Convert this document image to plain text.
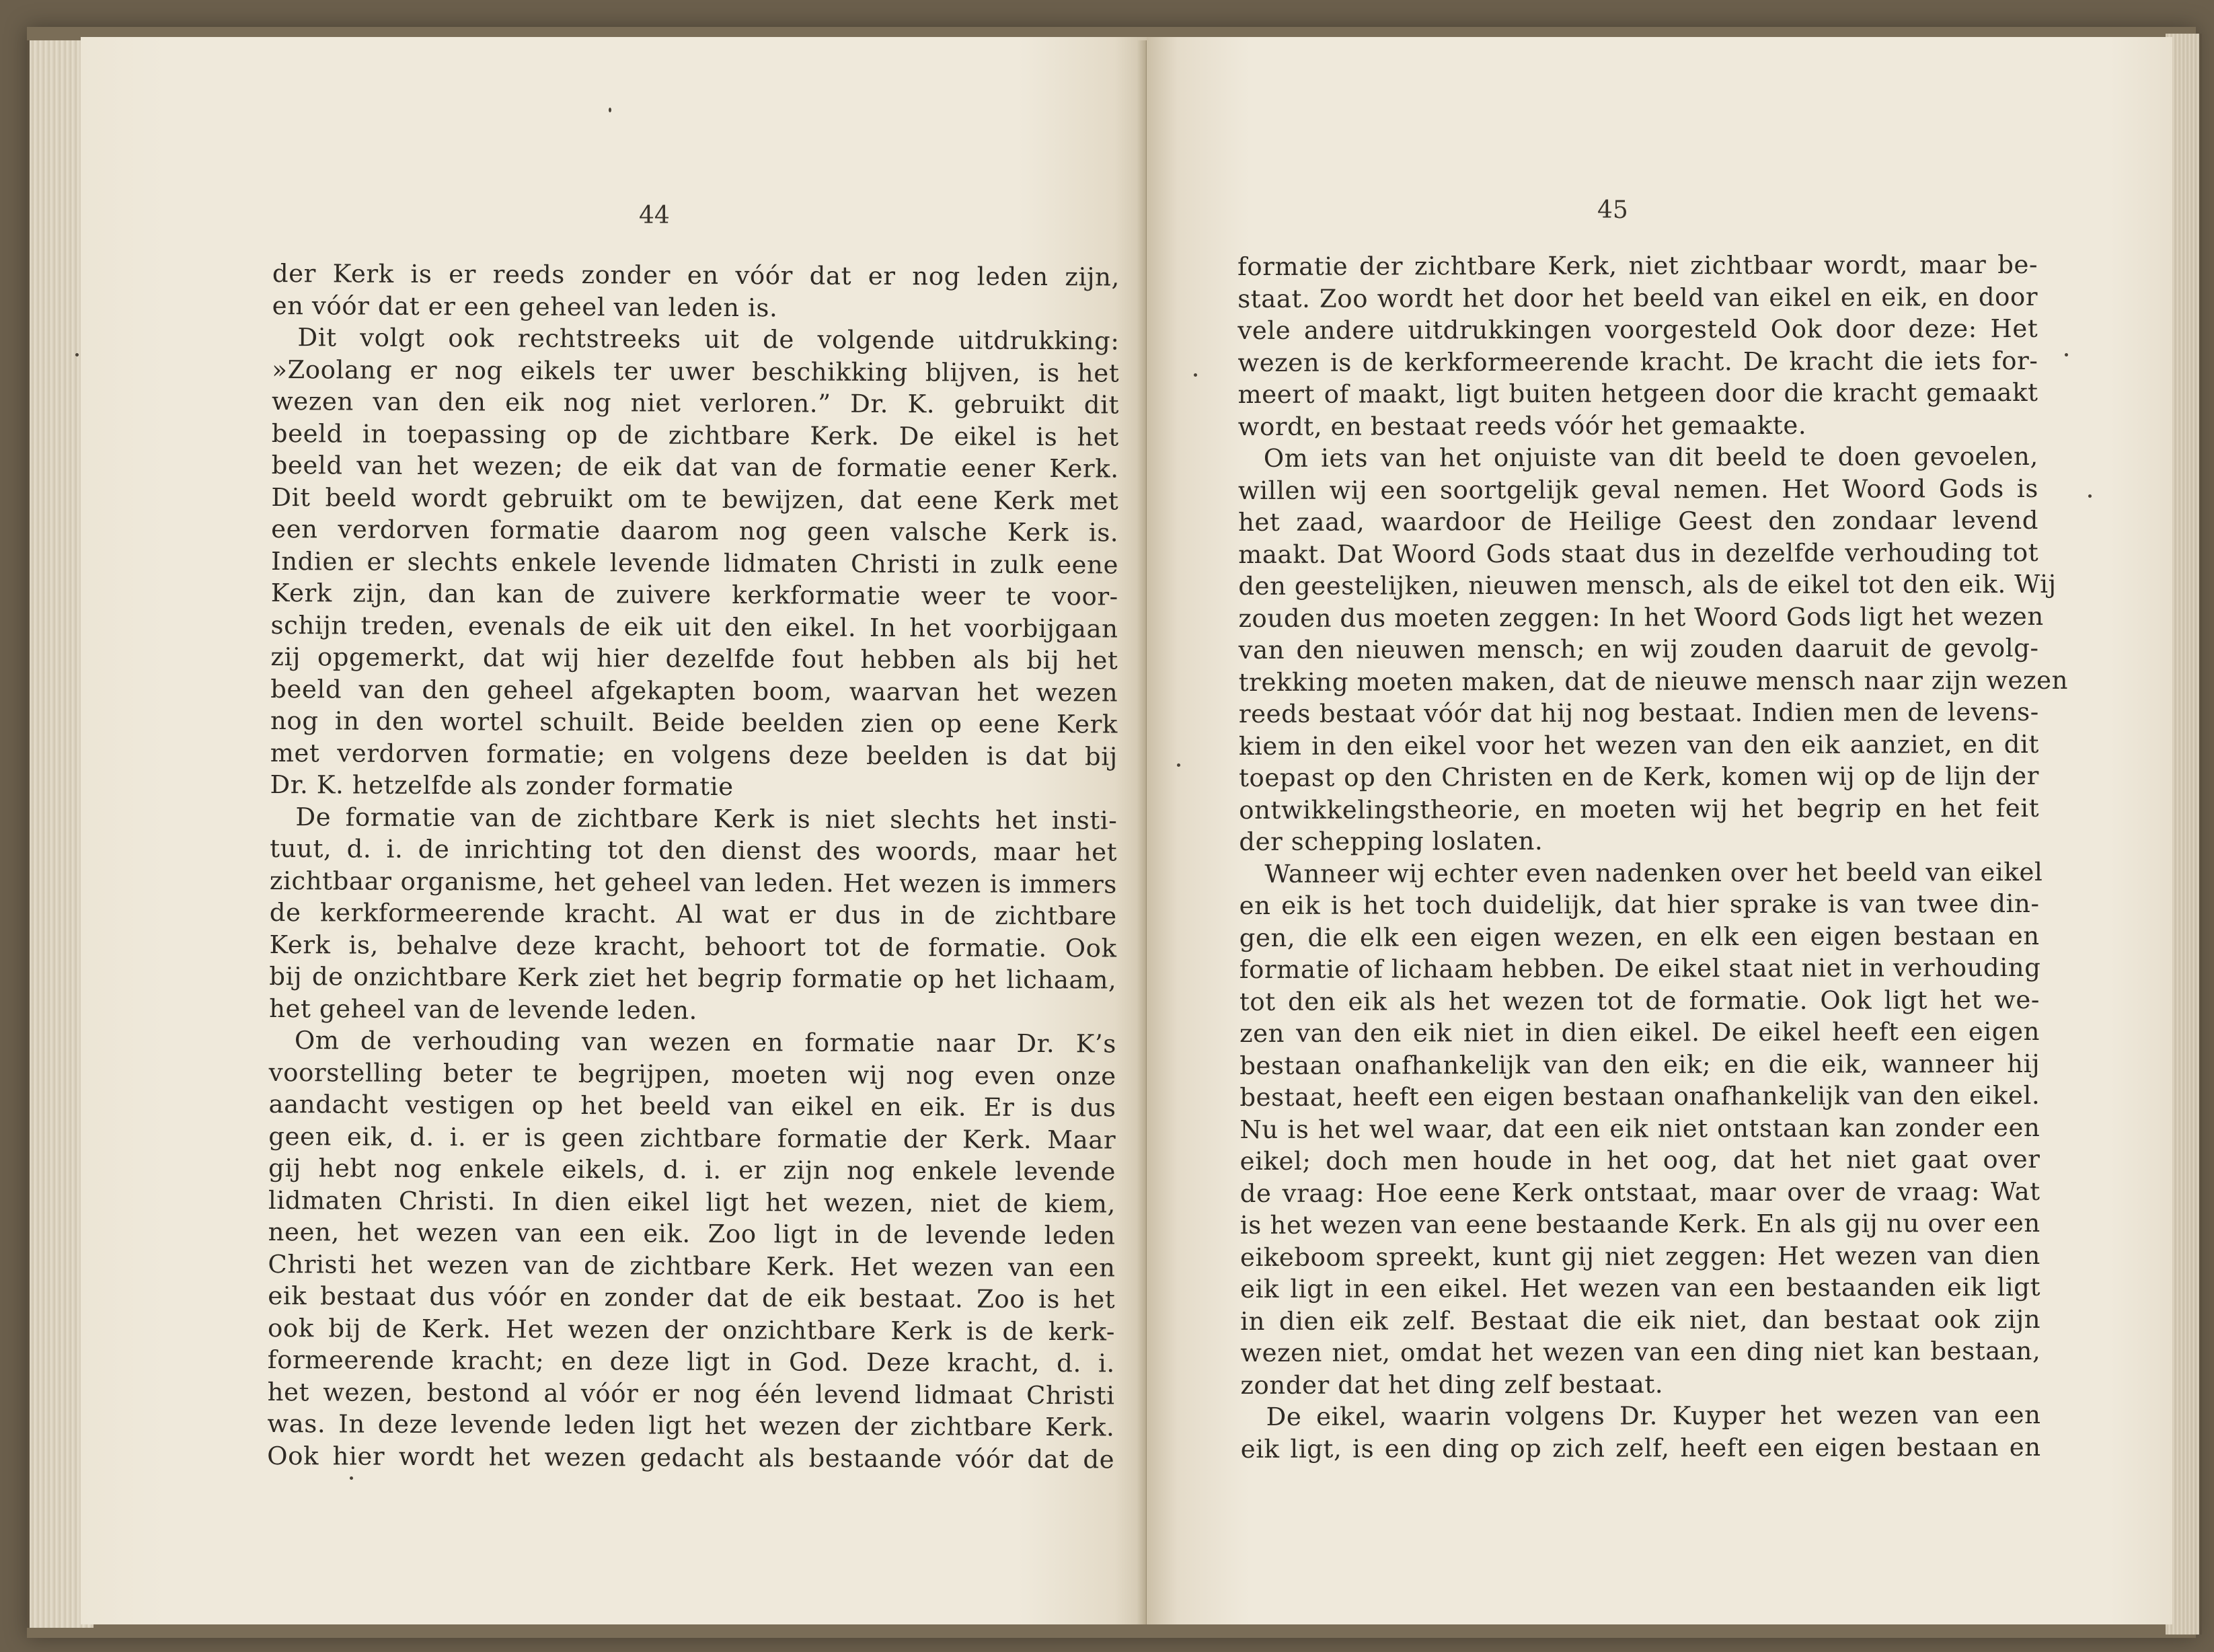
44
der Kerk is er reeds zonder en vóór dat er nog leden zijn,
en vóór dat er een geheel van leden is.
Dit volgt ook rechtstreeks uit de volgende uitdrukking:
»Zoolang er nog eikels ter uwer beschikking blijven, is het
wezen van den eik nog niet verloren.” Dr. K. gebruikt dit
beeld in toepassing op de zichtbare Kerk. De eikel is het
beeld van het wezen; de eik dat van de formatie eener Kerk.
Dit beeld wordt gebruikt om te bewijzen, dat eene Kerk met
een verdorven formatie daarom nog geen valsche Kerk is.
Indien er slechts enkele levende lidmaten Christi in zulk eene
Kerk zijn, dan kan de zuivere kerkformatie weer te voor-
schijn treden, evenals de eik uit den eikel. In het voorbijgaan
zij opgemerkt, dat wij hier dezelfde fout hebben als bij het
beeld van den geheel afgekapten boom, waarvan het wezen
nog in den wortel schuilt. Beide beelden zien op eene Kerk
met verdorven formatie; en volgens deze beelden is dat bij
Dr. K. hetzelfde als zonder formatie
De formatie van de zichtbare Kerk is niet slechts het insti-
tuut, d. i. de inrichting tot den dienst des woords, maar het
zichtbaar organisme, het geheel van leden. Het wezen is immers
de kerkformeerende kracht. Al wat er dus in de zichtbare
Kerk is, behalve deze kracht, behoort tot de formatie. Ook
bij de onzichtbare Kerk ziet het begrip formatie op het lichaam,
het geheel van de levende leden.
Om de verhouding van wezen en formatie naar Dr. K’s
voorstelling beter te begrijpen, moeten wij nog even onze
aandacht vestigen op het beeld van eikel en eik. Er is dus
geen eik, d. i. er is geen zichtbare formatie der Kerk. Maar
gij hebt nog enkele eikels, d. i. er zijn nog enkele levende
lidmaten Christi. In dien eikel ligt het wezen, niet de kiem,
neen, het wezen van een eik. Zoo ligt in de levende leden
Christi het wezen van de zichtbare Kerk. Het wezen van een
eik bestaat dus vóór en zonder dat de eik bestaat. Zoo is het
ook bij de Kerk. Het wezen der onzichtbare Kerk is de kerk-
formeerende kracht; en deze ligt in God. Deze kracht, d. i.
het wezen, bestond al vóór er nog één levend lidmaat Christi
was. In deze levende leden ligt het wezen der zichtbare Kerk.
Ook hier wordt het wezen gedacht als bestaande vóór dat de
45
formatie der zichtbare Kerk, niet zichtbaar wordt, maar be-
staat. Zoo wordt het door het beeld van eikel en eik, en door
vele andere uitdrukkingen voorgesteld Ook door deze: Het
wezen is de kerkformeerende kracht. De kracht die iets for-
meert of maakt, ligt buiten hetgeen door die kracht gemaakt
wordt, en bestaat reeds vóór het gemaakte.
Om iets van het onjuiste van dit beeld te doen gevoelen,
willen wij een soortgelijk geval nemen. Het Woord Gods is
het zaad, waardoor de Heilige Geest den zondaar levend
maakt. Dat Woord Gods staat dus in dezelfde verhouding tot
den geestelijken, nieuwen mensch, als de eikel tot den eik. Wij
zouden dus moeten zeggen: In het Woord Gods ligt het wezen
van den nieuwen mensch; en wij zouden daaruit de gevolg-
trekking moeten maken, dat de nieuwe mensch naar zijn wezen
reeds bestaat vóór dat hij nog bestaat. Indien men de levens-
kiem in den eikel voor het wezen van den eik aanziet, en dit
toepast op den Christen en de Kerk, komen wij op de lijn der
ontwikkelingstheorie, en moeten wij het begrip en het feit
der schepping loslaten.
Wanneer wij echter even nadenken over het beeld van eikel
en eik is het toch duidelijk, dat hier sprake is van twee din-
gen, die elk een eigen wezen, en elk een eigen bestaan en
formatie of lichaam hebben. De eikel staat niet in verhouding
tot den eik als het wezen tot de formatie. Ook ligt het we-
zen van den eik niet in dien eikel. De eikel heeft een eigen
bestaan onafhankelijk van den eik; en die eik, wanneer hij
bestaat, heeft een eigen bestaan onafhankelijk van den eikel.
Nu is het wel waar, dat een eik niet ontstaan kan zonder een
eikel; doch men houde in het oog, dat het niet gaat over
de vraag: Hoe eene Kerk ontstaat, maar over de vraag: Wat
is het wezen van eene bestaande Kerk. En als gij nu over een
eikeboom spreekt, kunt gij niet zeggen: Het wezen van dien
eik ligt in een eikel. Het wezen van een bestaanden eik ligt
in dien eik zelf. Bestaat die eik niet, dan bestaat ook zijn
wezen niet, omdat het wezen van een ding niet kan bestaan,
zonder dat het ding zelf bestaat.
De eikel, waarin volgens Dr. Kuyper het wezen van een
eik ligt, is een ding op zich zelf, heeft een eigen bestaan en
